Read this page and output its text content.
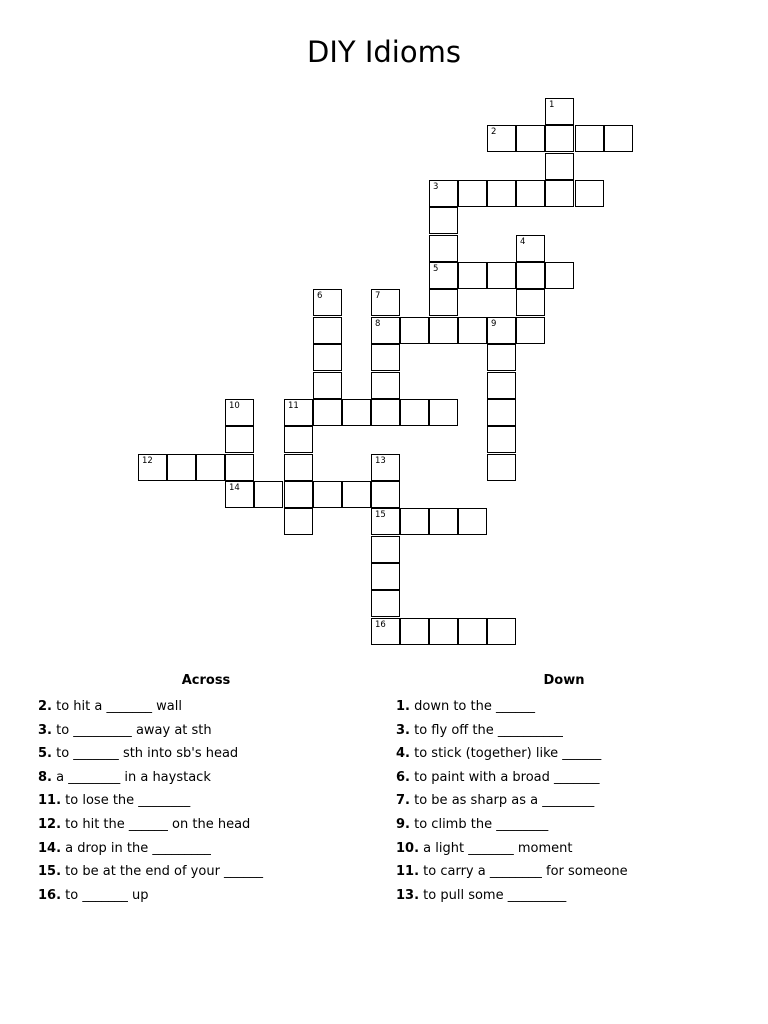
DIY Idioms
1
2
3
4
5
6	7
8	9
10	11
12	13
14
15
16
Across
2. to hit a _______ wall
3. to _________ away at sth
5. to _______ sth into sb's head
8. a ________ in a haystack
11. to lose the ________
12. to hit the ______ on the head
14. a drop in the _________
15. to be at the end of your ______
16. to _______ up
Down
1. down to the ______
3. to fly off the __________
4. to stick (together) like ______
6. to paint with a broad _______
7. to be as sharp as a ________
9. to climb the ________
10. a light _______ moment
11. to carry a ________ for someone
13. to pull some _________
